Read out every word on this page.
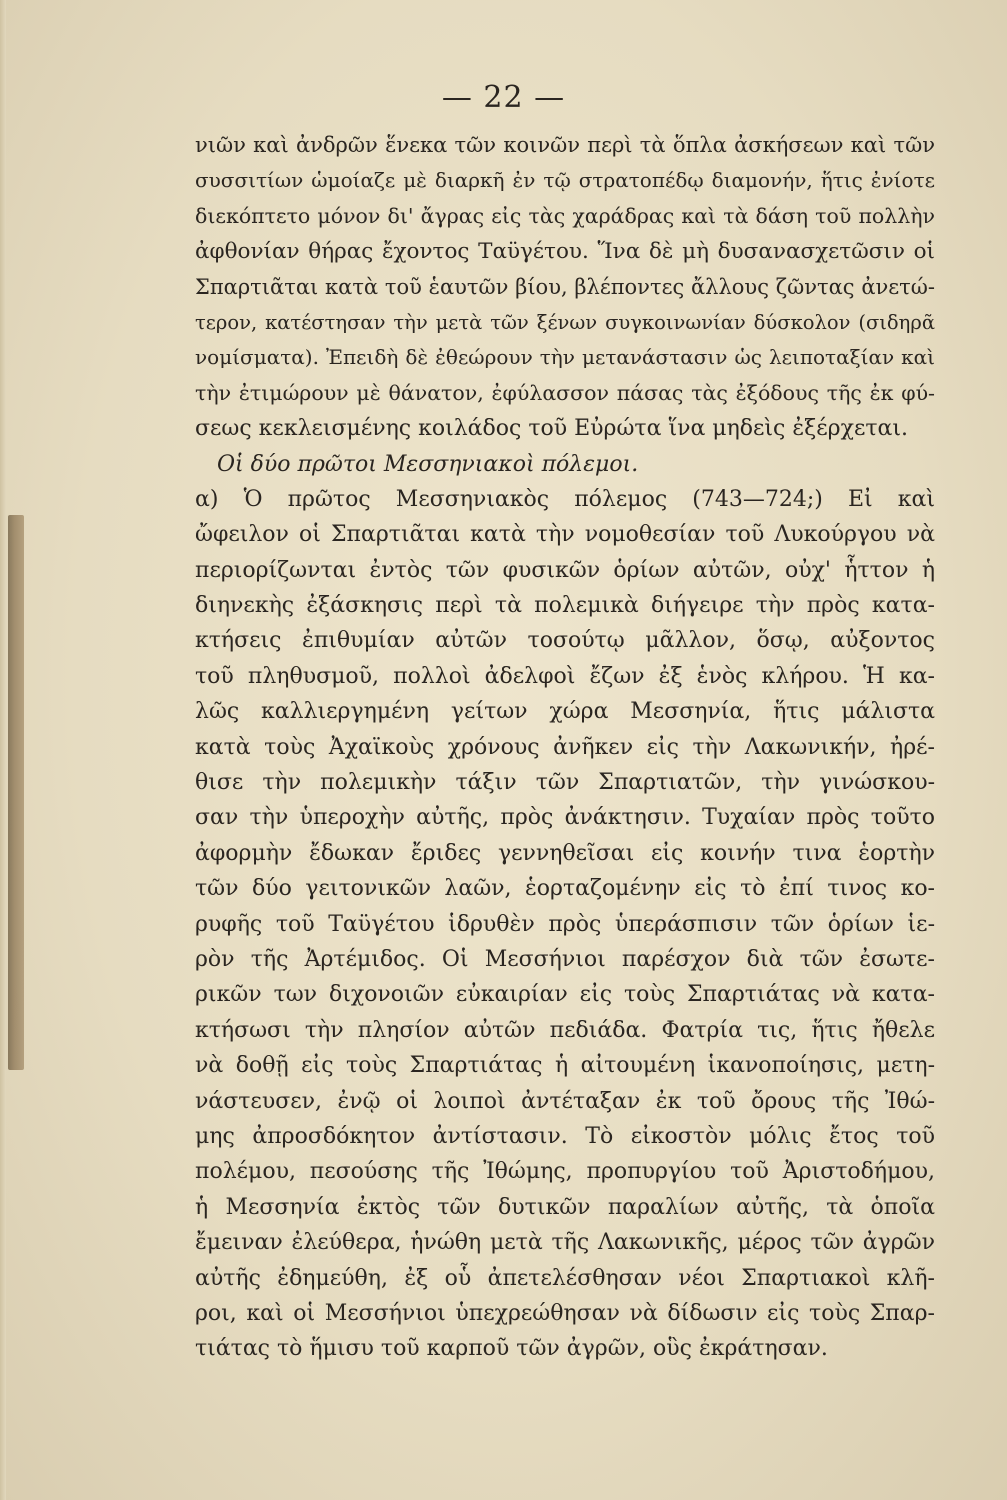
— 22 —
νιῶν καὶ ἀνδρῶν ἕνεκα τῶν κοινῶν περὶ τὰ ὅπλα ἀσκήσεων καὶ τῶν
συσσιτίων ὡμοίαζε μὲ διαρκῆ ἐν τῷ στρατοπέδῳ διαμονήν, ἥτις ἐνίοτε
διεκόπτετο μόνον δι' ἄγρας εἰς τὰς χαράδρας καὶ τὰ δάση τοῦ πολλὴν
ἀφθονίαν θήρας ἔχοντος Ταϋγέτου. Ἵνα δὲ μὴ δυσανασχετῶσιν οἱ
Σπαρτιᾶται κατὰ τοῦ ἑαυτῶν βίου, βλέποντες ἄλλους ζῶντας ἀνετώ-
τερον, κατέστησαν τὴν μετὰ τῶν ξένων συγκοινωνίαν δύσκολον (σιδηρᾶ
νομίσματα). Ἐπειδὴ δὲ ἐθεώρουν τὴν μετανάστασιν ὡς λειποταξίαν καὶ
τὴν ἐτιμώρουν μὲ θάνατον, ἐφύλασσον πάσας τὰς ἐξόδους τῆς ἐκ φύ-
σεως κεκλεισμένης κοιλάδος τοῦ Εὐρώτα ἵνα μηδεὶς ἐξέρχεται.
Οἱ δύο πρῶτοι Μεσσηνιακοὶ πόλεμοι.
α) Ὁ πρῶτος Μεσσηνιακὸς πόλεμος (743—724;) Εἰ καὶ
ὤφειλον οἱ Σπαρτιᾶται κατὰ τὴν νομοθεσίαν τοῦ Λυκούργου νὰ
περιορίζωνται ἐντὸς τῶν φυσικῶν ὁρίων αὐτῶν, οὐχ' ἧττον ἡ
διηνεκὴς ἐξάσκησις περὶ τὰ πολεμικὰ διήγειρε τὴν πρὸς κατα-
κτήσεις ἐπιθυμίαν αὐτῶν τοσούτῳ μᾶλλον, ὅσῳ, αὐξοντος
τοῦ πληθυσμοῦ, πολλοὶ ἀδελφοὶ ἔζων ἐξ ἑνὸς κλήρου. Ἡ κα-
λῶς καλλιεργημένη γείτων χώρα Μεσσηνία, ἥτις μάλιστα
κατὰ τοὺς Ἀχαϊκοὺς χρόνους ἀνῆκεν εἰς τὴν Λακωνικήν, ἠρέ-
θισε τὴν πολεμικὴν τάξιν τῶν Σπαρτιατῶν, τὴν γινώσκου-
σαν τὴν ὑπεροχὴν αὐτῆς, πρὸς ἀνάκτησιν. Τυχαίαν πρὸς τοῦτο
ἀφορμὴν ἔδωκαν ἔριδες γεννηθεῖσαι εἰς κοινήν τινα ἑορτὴν
τῶν δύο γειτονικῶν λαῶν, ἑορταζομένην εἰς τὸ ἐπί τινος κο-
ρυφῆς τοῦ Ταϋγέτου ἱδρυθὲν πρὸς ὑπεράσπισιν τῶν ὁρίων ἱε-
ρὸν τῆς Ἀρτέμιδος. Οἱ Μεσσήνιοι παρέσχον διὰ τῶν ἐσωτε-
ρικῶν των διχονοιῶν εὐκαιρίαν εἰς τοὺς Σπαρτιάτας νὰ κατα-
κτήσωσι τὴν πλησίον αὐτῶν πεδιάδα. Φατρία τις, ἥτις ἤθελε
νὰ δοθῇ εἰς τοὺς Σπαρτιάτας ἡ αἰτουμένη ἱκανοποίησις, μετη-
νάστευσεν, ἐνῷ οἱ λοιποὶ ἀντέταξαν ἐκ τοῦ ὄρους τῆς Ἰθώ-
μης ἀπροσδόκητον ἀντίστασιν. Τὸ εἰκοστὸν μόλις ἔτος τοῦ
πολέμου, πεσούσης τῆς Ἰθώμης, προπυργίου τοῦ Ἀριστοδήμου,
ἡ Μεσσηνία ἐκτὸς τῶν δυτικῶν παραλίων αὐτῆς, τὰ ὁποῖα
ἔμειναν ἐλεύθερα, ἡνώθη μετὰ τῆς Λακωνικῆς, μέρος τῶν ἀγρῶν
αὐτῆς ἐδημεύθη, ἐξ οὗ ἀπετελέσθησαν νέοι Σπαρτιακοὶ κλῆ-
ροι, καὶ οἱ Μεσσήνιοι ὑπεχρεώθησαν νὰ δίδωσιν εἰς τοὺς Σπαρ-
τιάτας τὸ ἥμισυ τοῦ καρποῦ τῶν ἀγρῶν, οὓς ἐκράτησαν.
